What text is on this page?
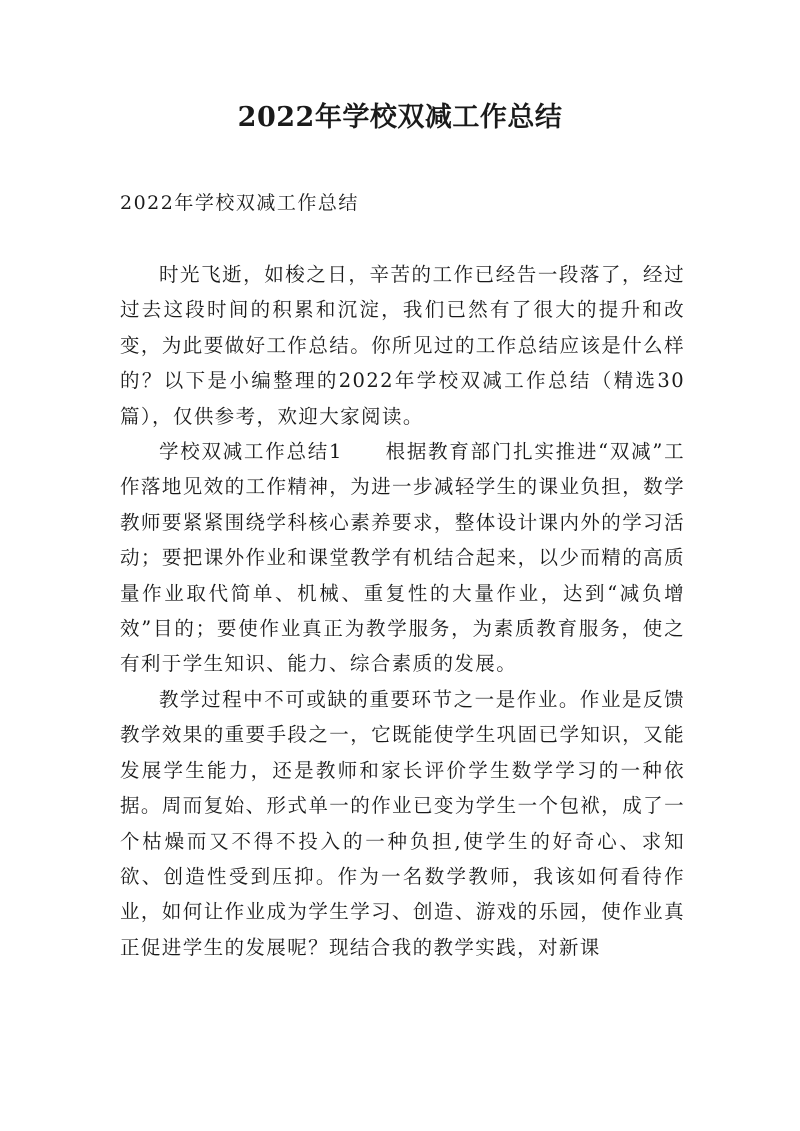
2022年学校双减工作总结
2022年学校双减工作总结

时光飞逝，如梭之日，辛苦的工作已经告一段落了，经过过去这段时间的积累和沉淀，我们已然有了很大的提升和改变，为此要做好工作总结。你所见过的工作总结应该是什么样的？以下是小编整理的2022年学校双减工作总结（精选30篇），仅供参考，欢迎大家阅读。

学校双减工作总结1　　根据教育部门扎实推进“双减”工作落地见效的工作精神，为进一步减轻学生的课业负担，数学教师要紧紧围绕学科核心素养要求，整体设计课内外的学习活动；要把课外作业和课堂教学有机结合起来，以少而精的高质量作业取代简单、机械、重复性的大量作业，达到“减负增效”目的；要使作业真正为教学服务，为素质教育服务，使之有利于学生知识、能力、综合素质的发展。

教学过程中不可或缺的重要环节之一是作业。作业是反馈教学效果的重要手段之一，它既能使学生巩固已学知识，又能发展学生能力，还是教师和家长评价学生数学学习的一种依据。周而复始、形式单一的作业已变为学生一个包袱，成了一个枯燥而又不得不投入的一种负担,使学生的好奇心、求知欲、创造性受到压抑。作为一名数学教师，我该如何看待作业，如何让作业成为学生学习、创造、游戏的乐园，使作业真正促进学生的发展呢？现结合我的教学实践，对新课
